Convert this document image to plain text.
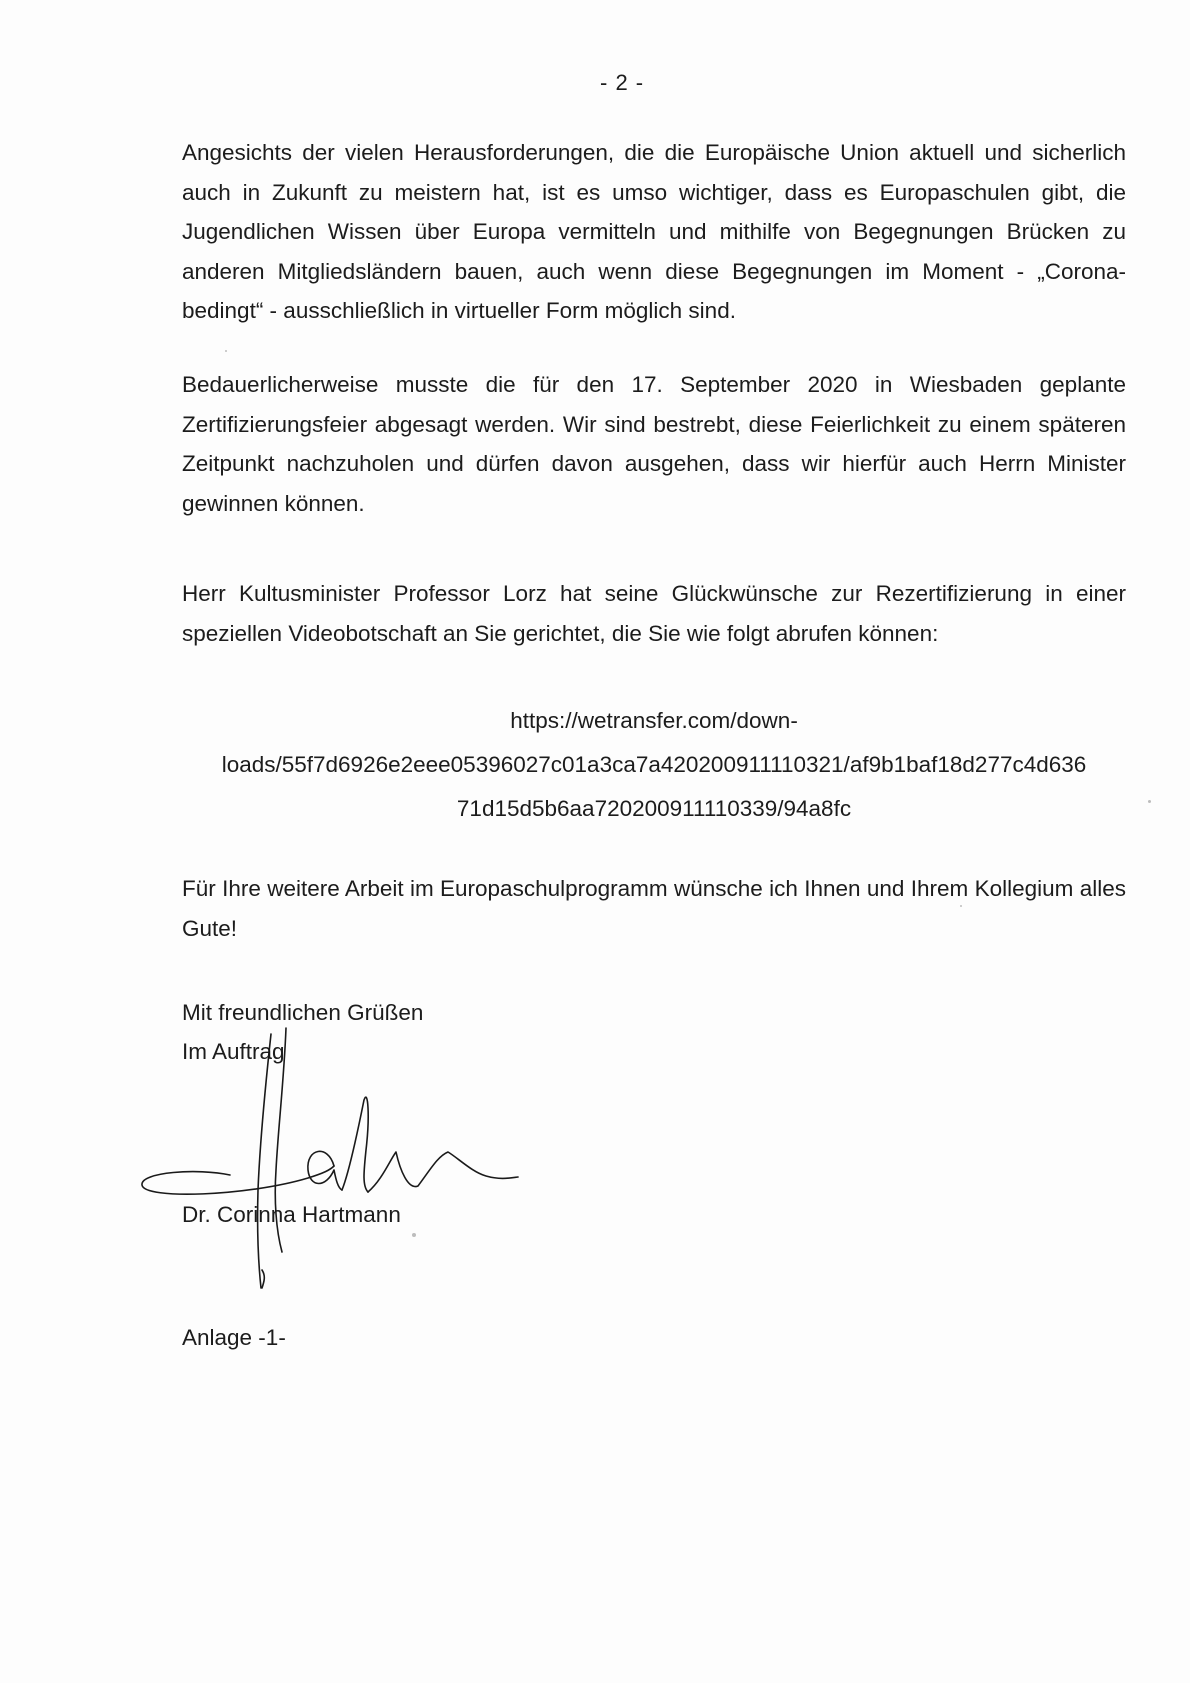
- 2 -

Angesichts der vielen Herausforderungen, die die Europäische Union aktuell und sicherlich auch in Zukunft zu meistern hat, ist es umso wichtiger, dass es Europaschulen gibt, die Jugendlichen Wissen über Europa vermitteln und mithilfe von Begegnungen Brücken zu anderen Mitgliedsländern bauen, auch wenn diese Begegnungen im Moment - „Corona-bedingt“ - ausschließlich in virtueller Form möglich sind.

Bedauerlicherweise musste die für den 17. September 2020 in Wiesbaden geplante Zertifizierungsfeier abgesagt werden. Wir sind bestrebt, diese Feierlichkeit zu einem späteren Zeitpunkt nachzuholen und dürfen davon ausgehen, dass wir hierfür auch Herrn Minister gewinnen können.

Herr Kultusminister Professor Lorz hat seine Glückwünsche zur Rezertifizierung in einer speziellen Videobotschaft an Sie gerichtet, die Sie wie folgt abrufen können:

https://wetransfer.com/down-
loads/55f7d6926e2eee05396027c01a3ca7a420200911110321/af9b1baf18d277c4d636
71d15d5b6aa720200911110339/94a8fc

Für Ihre weitere Arbeit im Europaschulprogramm wünsche ich Ihnen und Ihrem Kollegium alles Gute!

Mit freundlichen Grüßen
Im Auftrag
Dr. Corinna Hartmann
Anlage -1-
